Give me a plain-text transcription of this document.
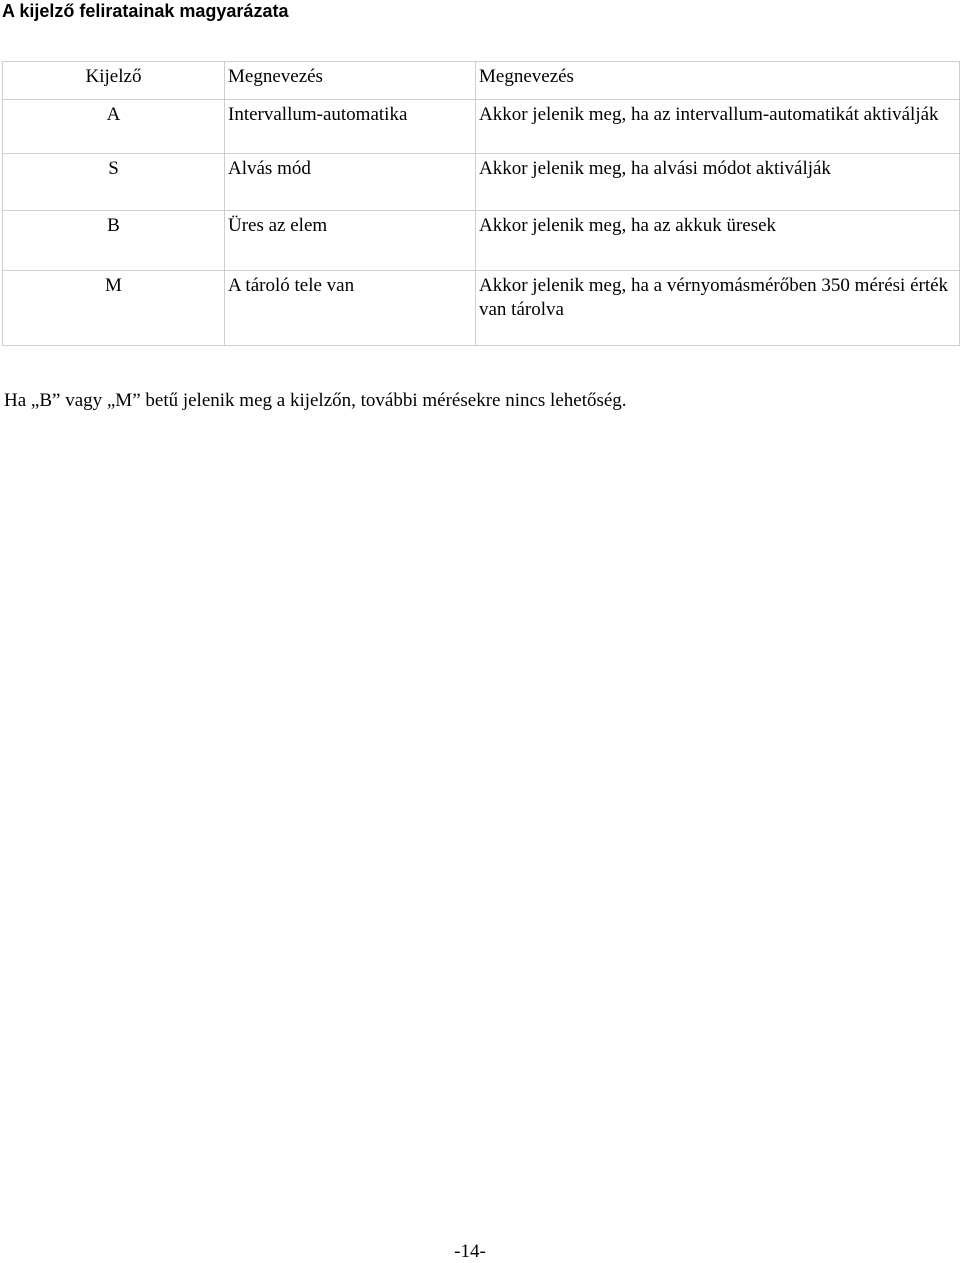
A kijelző feliratainak magyarázata
Kijelző	Megnevezés	Megnevezés
A	Intervallum-automatika	Akkor jelenik meg, ha az intervallum-automatikát aktiválják
S	Alvás mód	Akkor jelenik meg, ha alvási módot aktiválják
B	Üres az elem	Akkor jelenik meg, ha az akkuk üresek
M	A tároló tele van	Akkor jelenik meg, ha a vérnyomásmérőben 350 mérési érték van tárolva
Ha „B” vagy „M” betű jelenik meg a kijelzőn, további mérésekre nincs lehetőség.
-14-
